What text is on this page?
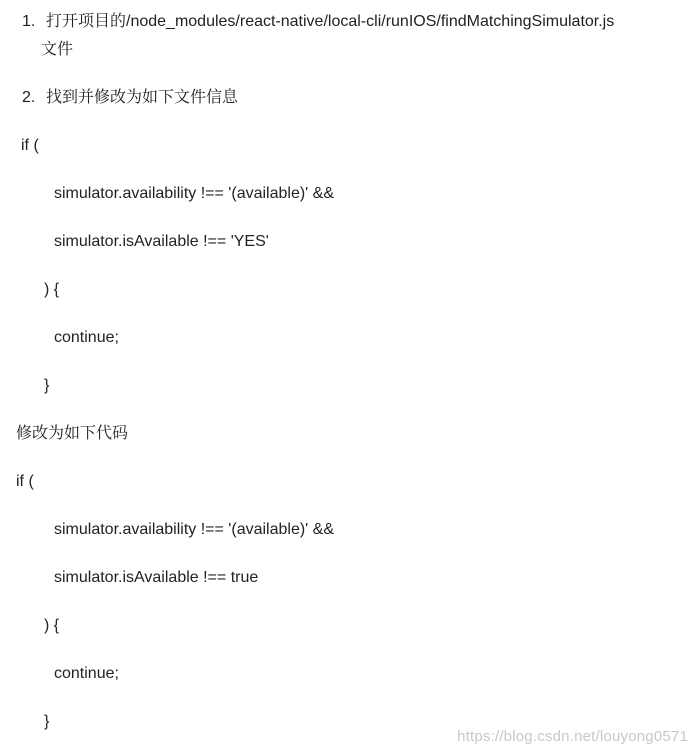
1. 打开项目的/node_modules/react-native/local-cli/runIOS/findMatchingSimulator.js
文件
2. 找到并修改为如下文件信息
if (
simulator.availability !== '(available)' &&
simulator.isAvailable !== 'YES'
) {
continue;
}
修改为如下代码
if (
simulator.availability !== '(available)' &&
simulator.isAvailable !== true
) {
continue;
}
https://blog.csdn.net/louyong0571
